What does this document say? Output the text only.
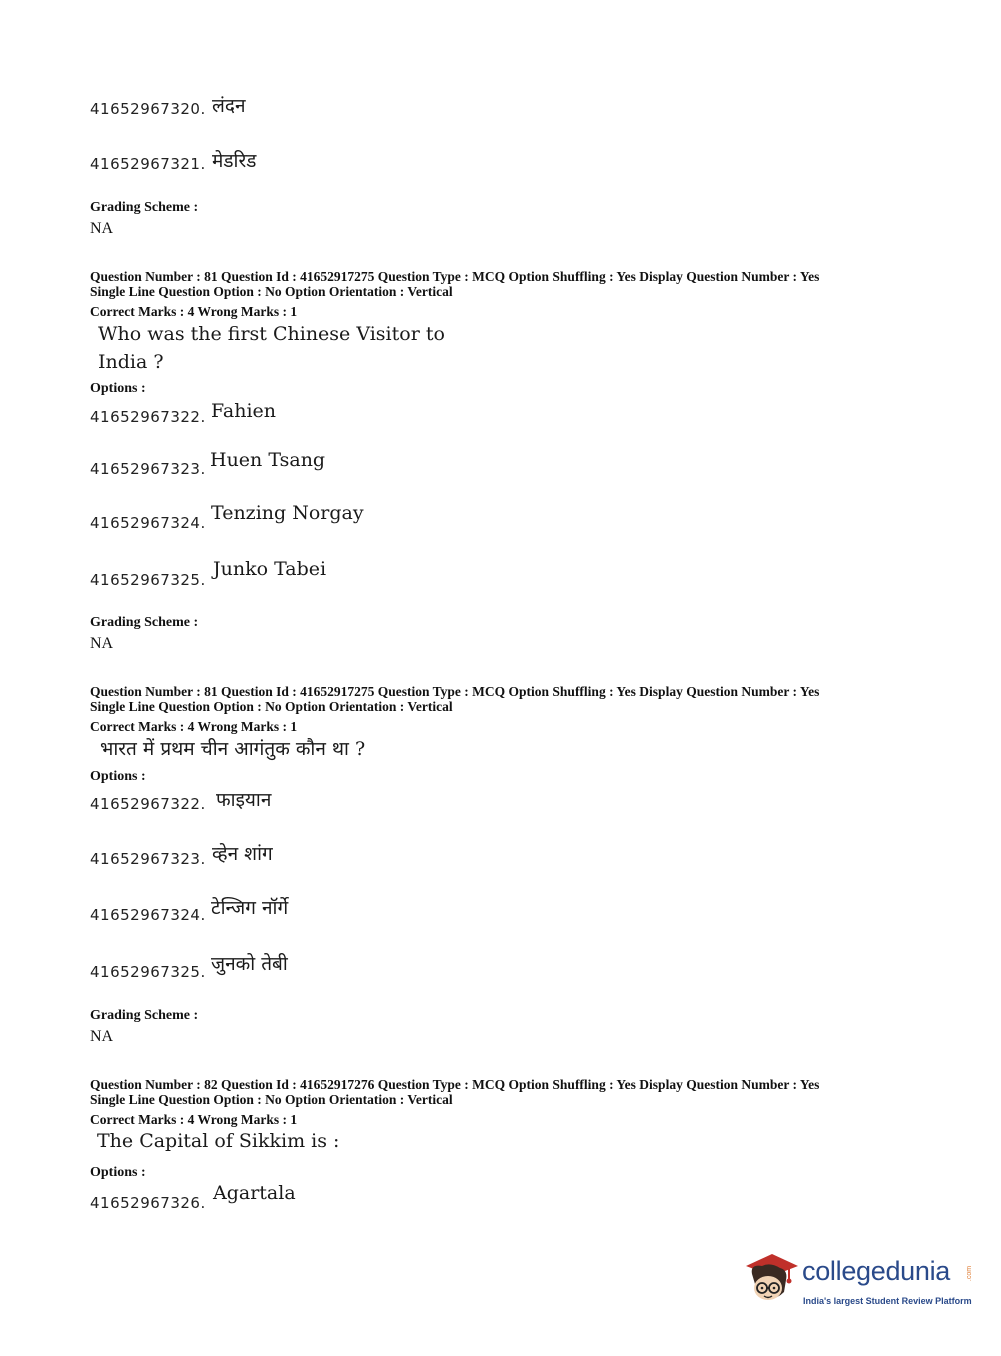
41652967320. लंदन
41652967321. मेडरिड
Grading Scheme :
NA
Question Number : 81 Question Id : 41652917275 Question Type : MCQ Option Shuffling : Yes Display Question Number : Yes
Single Line Question Option : No Option Orientation : Vertical
Correct Marks : 4 Wrong Marks : 1
Who was the first Chinese Visitor to
India ?
Options :
41652967322. Fahien
41652967323. Huen Tsang
41652967324. Tenzing Norgay
41652967325. Junko Tabei
Grading Scheme :
NA
Question Number : 81 Question Id : 41652917275 Question Type : MCQ Option Shuffling : Yes Display Question Number : Yes
Single Line Question Option : No Option Orientation : Vertical
Correct Marks : 4 Wrong Marks : 1
भारत में प्रथम चीन आगंतुक कौन था ?
Options :
41652967322. फाइयान
41652967323. व्हेन शांग
41652967324. टेन्जिग नॉर्गे
41652967325. जुनको तेबी
Grading Scheme :
NA
Question Number : 82 Question Id : 41652917276 Question Type : MCQ Option Shuffling : Yes Display Question Number : Yes
Single Line Question Option : No Option Orientation : Vertical
Correct Marks : 4 Wrong Marks : 1
The Capital of Sikkim is :
Options :
41652967326. Agartala
collegedunia .com
India's largest Student Review Platform
